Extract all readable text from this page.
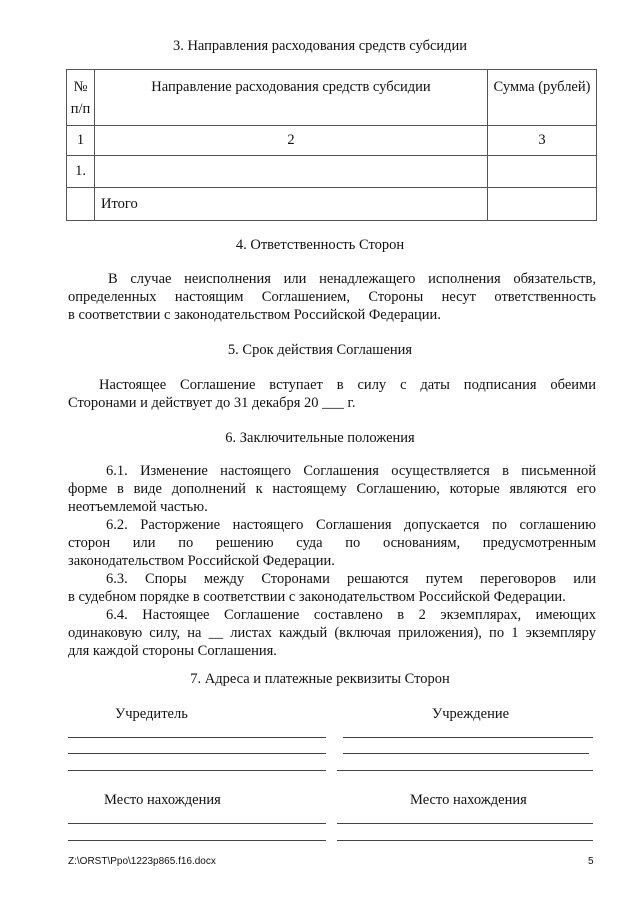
3. Направления расходования средств субсидии
№
п/п	Направление расходования средств субсидии	Сумма (рублей)
1	2	3
1.		
	Итого	
4. Ответственность Сторон
В случае неисполнения или ненадлежащего исполнения обязательств,
определенных настоящим Соглашением, Стороны несут ответственность
в соответствии с законодательством Российской Федерации.
5. Срок действия Соглашения
Настоящее Соглашение вступает в силу с даты подписания обеими
Сторонами и действует до 31 декабря 20 ___ г.
6. Заключительные положения
6.1. Изменение настоящего Соглашения осуществляется в письменной
форме в виде дополнений к настоящему Соглашению, которые являются его
неотъемлемой частью.
6.2. Расторжение настоящего Соглашения допускается по соглашению
сторон или по решению суда по основаниям, предусмотренным
законодательством Российской Федерации.
6.3. Споры между Сторонами решаются путем переговоров или
в судебном порядке в соответствии с законодательством Российской Федерации.
6.4. Настоящее Соглашение составлено в 2 экземплярах, имеющих
одинаковую силу, на __ листах каждый (включая приложения), по 1 экземпляру
для каждой стороны Соглашения.
7. Адреса и платежные реквизиты Сторон
Учредитель	Учреждение
Место нахождения	Место нахождения
Z:\ORST\Ppo\1223p865.f16.docx	5
